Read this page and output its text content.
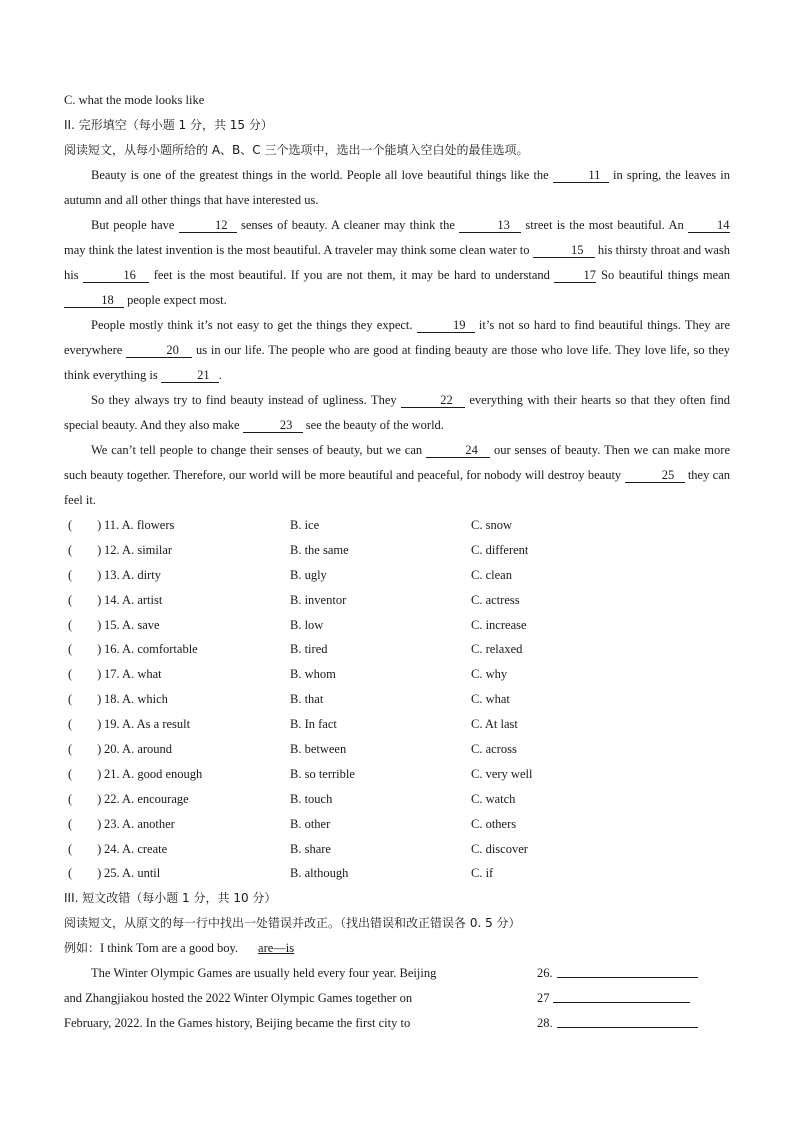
C. what the mode looks like
II. 完形填空（每小题 1 分，共 15 分）
阅读短文，从每小题所给的 A、B、C 三个选项中，选出一个能填入空白处的最佳选项。
Beauty is one of the greatest things in the world. People all love beautiful things like the	11 in spring, the leaves in autumn and all other things that have interested us.
But people have	12 senses of beauty. A cleaner may think the	13 street is the most beautiful. An 14 may think the latest invention is the most beautiful. A traveler may think some clean water to	15 his thirsty throat and wash his	16 feet is the most beautiful. If you are not them, it may be hard to understand 17 So beautiful things mean 18 people expect most.
People mostly think it’s not easy to get the things they expect.	19 it’s not so hard to find beautiful things. They are everywhere	20 us in our life. The people who are good at finding beauty are those who love life. They love life, so they think everything is	21 .
So they always try to find beauty instead of ugliness. They	22 everything with their hearts so that they often find special beauty. And they also make	23 see the beauty of the world.
We can’t tell people to change their senses of beauty, but we can	24 our senses of beauty. Then we can make more such beauty together. Therefore, our world will be more beautiful and peaceful, for nobody will destroy beauty	25 they can feel it.
(　　) 11. A. flowers	B. ice	C. snow
(　　) 12. A. similar	B. the same	C. different
(　　) 13. A. dirty	B. ugly	C. clean
(　　) 14. A. artist	B. inventor	C. actress
(　　) 15. A. save	B. low	C. increase
(　　) 16. A. comfortable	B. tired	C. relaxed
(　　) 17. A. what	B. whom	C. why
(　　) 18. A. which	B. that	C. what
(　　) 19. A. As a result	B. In fact	C. At last
(　　) 20. A. around	B. between	C. across
(　　) 21. A. good enough	B. so terrible	C. very well
(　　) 22. A. encourage	B. touch	C. watch
(　　) 23. A. another	B. other	C. others
(　　) 24. A. create	B. share	C. discover
(　　) 25. A. until	B. although	C. if
III. 短文改错（每小题 1 分，共 10 分）
阅读短文，从原文的每一行中找出一处错误并改正。（找出错误和改正错误各 0. 5 分）
例如：I think Tom are a good boy. are—is
The Winter Olympic Games are usually held every four year. Beijing	26.
and Zhangjiakou hosted the 2022 Winter Olympic Games together on	27
February, 2022. In the Games history, Beijing became the first city to	28.
